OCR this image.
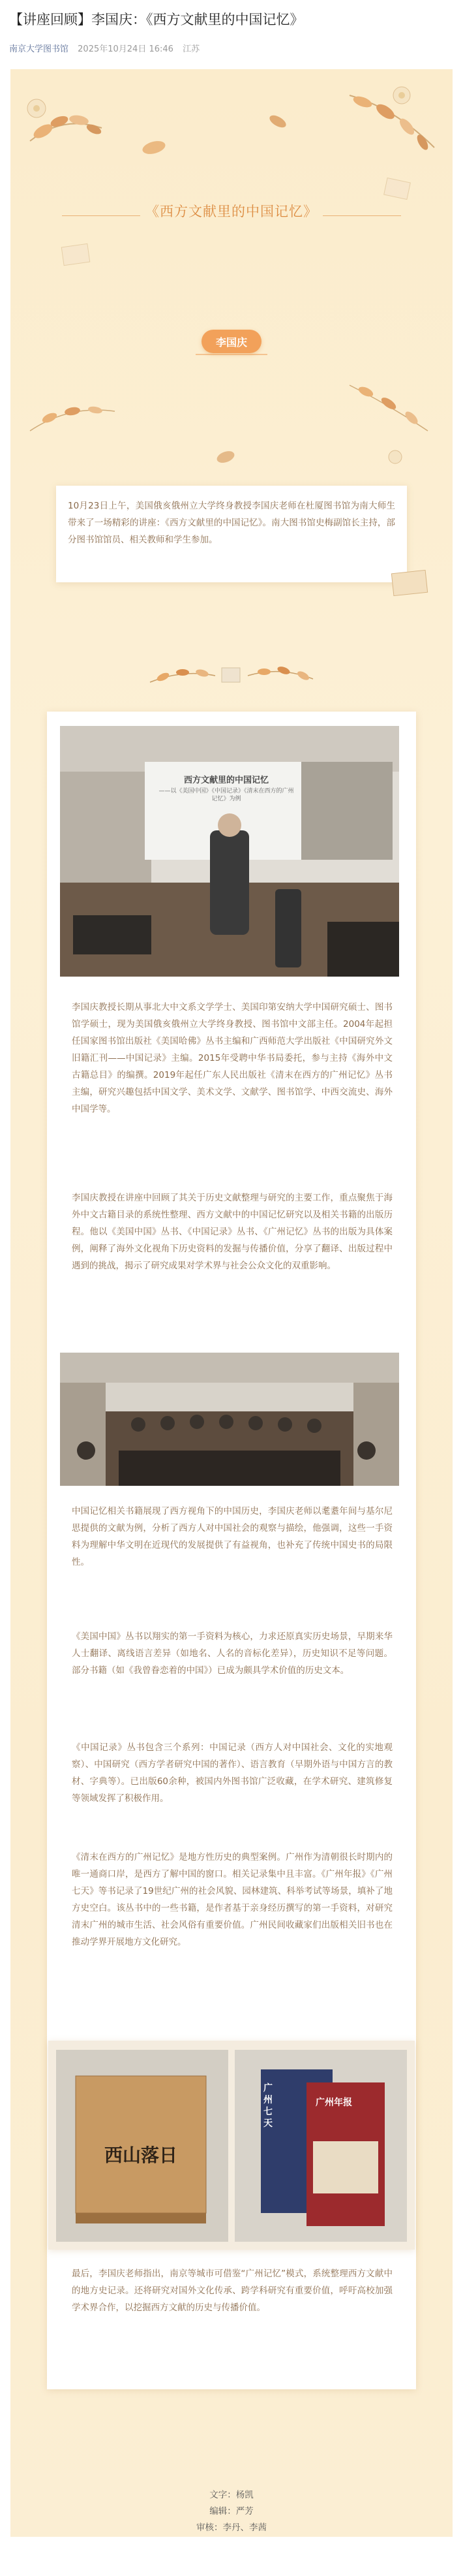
【讲座回顾】李国庆：《西方文献里的中国记忆》
南京大学图书馆 2025年10月24日 16:46 江苏
《西方文献里的中国记忆》
李国庆
10月23日上午，美国俄亥俄州立大学终身教授李国庆老师在杜厦图书馆为南大师生带来了一场精彩的讲座：《西方文献里的中国记忆》。南大图书馆史梅副馆长主持，部分图书馆馆员、相关教师和学生参加。
西方文献里的中国记忆
——以《美国中国》《中国记录》《清末在西方的广州记忆》为例
李国庆教授长期从事北大中文系文学学士、美国印第安纳大学中国研究硕士、图书馆学硕士，现为美国俄亥俄州立大学终身教授、图书馆中文部主任。2004年起担任国家图书馆出版社《美国哈佛》丛书主编和广西师范大学出版社《中国研究外文旧籍汇刊——中国记录》主编。2015年受聘中华书局委托，参与主持《海外中文古籍总目》的编撰。2019年起任广东人民出版社《清末在西方的广州记忆》丛书主编，研究兴趣包括中国文学、美术文学、文献学、图书馆学、中西交流史、海外中国学等。
李国庆教授在讲座中回顾了其关于历史文献整理与研究的主要工作，重点聚焦于海外中文古籍目录的系统性整理、西方文献中的中国记忆研究以及相关书籍的出版历程。他以《美国中国》丛书、《中国记录》丛书、《广州记忆》丛书的出版为具体案例，阐释了海外文化视角下历史资料的发掘与传播价值，分享了翻译、出版过程中遇到的挑战，揭示了研究成果对学术界与社会公众文化的双重影响。
中国记忆相关书籍展现了西方视角下的中国历史，李国庆老师以耄耋年间与基尔尼思提供的文献为例，分析了西方人对中国社会的观察与描绘，他强调，这些一手资料为理解中华文明在近现代的发展提供了有益视角，也补充了传统中国史书的局限性。
《美国中国》丛书以翔实的第一手资料为核心，力求还原真实历史场景，早期来华人士翻译、离线语言差异（如地名、人名的音标化差异），历史知识不足等问题。部分书籍（如《我曾眷恋着的中国》）已成为颇具学术价值的历史文本。
《中国记录》丛书包含三个系列：中国记录（西方人对中国社会、文化的实地观察）、中国研究（西方学者研究中国的著作）、语言教育（早期外语与中国方言的教材、字典等）。已出版60余种，被国内外图书馆广泛收藏，在学术研究、建筑修复等领域发挥了积极作用。
《清末在西方的广州记忆》是地方性历史的典型案例。广州作为清朝很长时期内的唯一通商口岸，是西方了解中国的窗口。相关记录集中且丰富。《广州年报》《广州七天》等书记录了19世纪广州的社会风貌、园林建筑、科举考试等场景，填补了地方史空白。该丛书中的一些书籍，是作者基于亲身经历撰写的第一手资料，对研究清末广州的城市生活、社会风俗有重要价值。广州民间收藏家们出版相关旧书也在推动学界开展地方文化研究。
西山落日
广州七天
广州年报
最后，李国庆老师指出，南京等城市可借鉴“广州记忆”模式，系统整理西方文献中的地方史记录。还将研究对国外文化传承、跨学科研究有重要价值，呼吁高校加强学术界合作，以挖掘西方文献的历史与传播价值。
文字：杨凯
编辑：严芳
审核：李丹、李茜
